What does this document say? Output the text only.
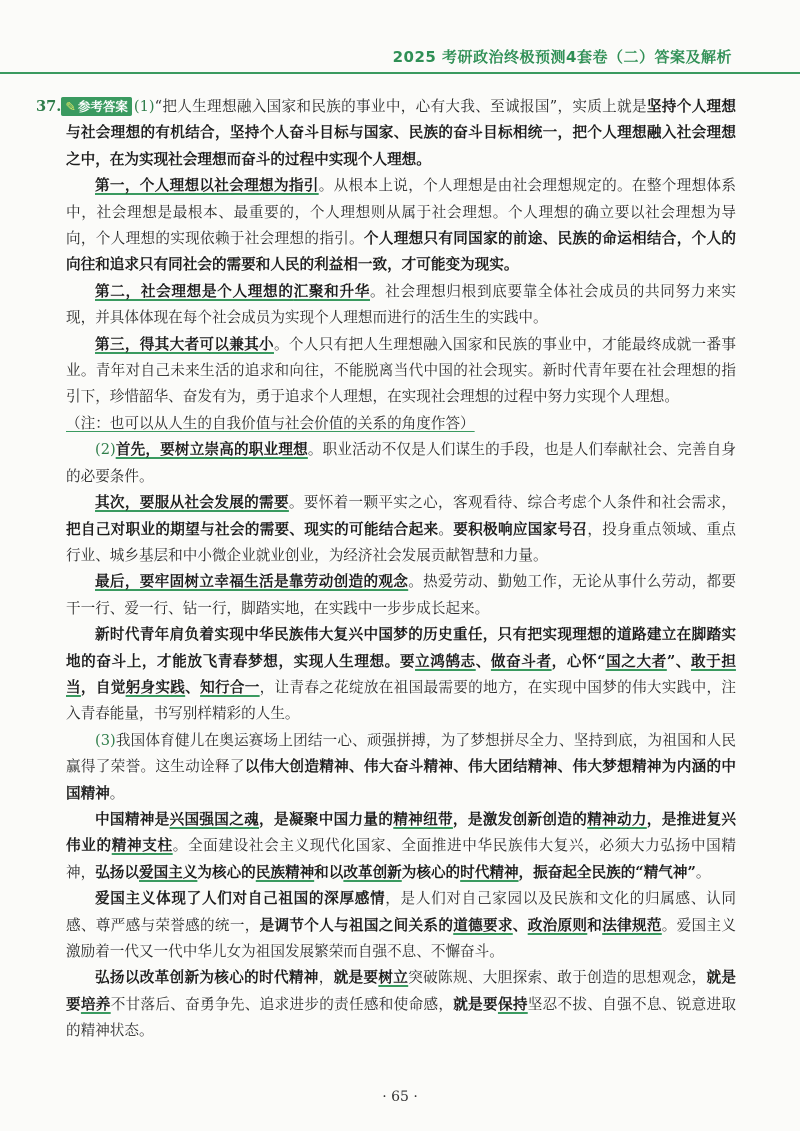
2025 考研政治终极预测4套卷（二）答案及解析

37. ✎ 参考答案 (1)“把人生理想融入国家和民族的事业中，心有大我、至诚报国”，实质上就是坚持个人理想与社会理想的有机结合，坚持个人奋斗目标与国家、民族的奋斗目标相统一，把个人理想融入社会理想之中，在为实现社会理想而奋斗的过程中实现个人理想。

第一，个人理想以社会理想为指引。从根本上说，个人理想是由社会理想规定的。在整个理想体系中，社会理想是最根本、最重要的，个人理想则从属于社会理想。个人理想的确立要以社会理想为导向，个人理想的实现依赖于社会理想的指引。个人理想只有同国家的前途、民族的命运相结合，个人的向往和追求只有同社会的需要和人民的利益相一致，才可能变为现实。

第二，社会理想是个人理想的汇聚和升华。社会理想归根到底要靠全体社会成员的共同努力来实现，并具体体现在每个社会成员为实现个人理想而进行的活生生的实践中。

第三，得其大者可以兼其小。个人只有把人生理想融入国家和民族的事业中，才能最终成就一番事业。青年对自己未来生活的追求和向往，不能脱离当代中国的社会现实。新时代青年要在社会理想的指引下，珍惜韶华、奋发有为，勇于追求个人理想，在实现社会理想的过程中努力实现个人理想。

（注：也可以从人生的自我价值与社会价值的关系的角度作答）

(2)首先，要树立崇高的职业理想。职业活动不仅是人们谋生的手段，也是人们奉献社会、完善自身的必要条件。

其次，要服从社会发展的需要。要怀着一颗平实之心，客观看待、综合考虑个人条件和社会需求，把自己对职业的期望与社会的需要、现实的可能结合起来。要积极响应国家号召，投身重点领域、重点行业、城乡基层和中小微企业就业创业，为经济社会发展贡献智慧和力量。

最后，要牢固树立幸福生活是靠劳动创造的观念。热爱劳动、勤勉工作，无论从事什么劳动，都要干一行、爱一行、钻一行，脚踏实地，在实践中一步步成长起来。

新时代青年肩负着实现中华民族伟大复兴中国梦的历史重任，只有把实现理想的道路建立在脚踏实地的奋斗上，才能放飞青春梦想，实现人生理想。要立鸿鹄志、做奋斗者，心怀“国之大者”、敢于担当，自觉躬身实践、知行合一，让青春之花绽放在祖国最需要的地方，在实现中国梦的伟大实践中，注入青春能量，书写别样精彩的人生。

(3)我国体育健儿在奥运赛场上团结一心、顽强拼搏，为了梦想拼尽全力、坚持到底，为祖国和人民赢得了荣誉。这生动诠释了以伟大创造精神、伟大奋斗精神、伟大团结精神、伟大梦想精神为内涵的中国精神。

中国精神是兴国强国之魂，是凝聚中国力量的精神纽带，是激发创新创造的精神动力，是推进复兴伟业的精神支柱。全面建设社会主义现代化国家、全面推进中华民族伟大复兴，必须大力弘扬中国精神，弘扬以爱国主义为核心的民族精神和以改革创新为核心的时代精神，振奋起全民族的“精气神”。

爱国主义体现了人们对自己祖国的深厚感情，是人们对自己家园以及民族和文化的归属感、认同感、尊严感与荣誉感的统一，是调节个人与祖国之间关系的道德要求、政治原则和法律规范。爱国主义激励着一代又一代中华儿女为祖国发展繁荣而自强不息、不懈奋斗。

弘扬以改革创新为核心的时代精神，就是要树立突破陈规、大胆探索、敢于创造的思想观念，就是要培养不甘落后、奋勇争先、追求进步的责任感和使命感，就是要保持坚忍不拔、自强不息、锐意进取的精神状态。

· 65 ·
